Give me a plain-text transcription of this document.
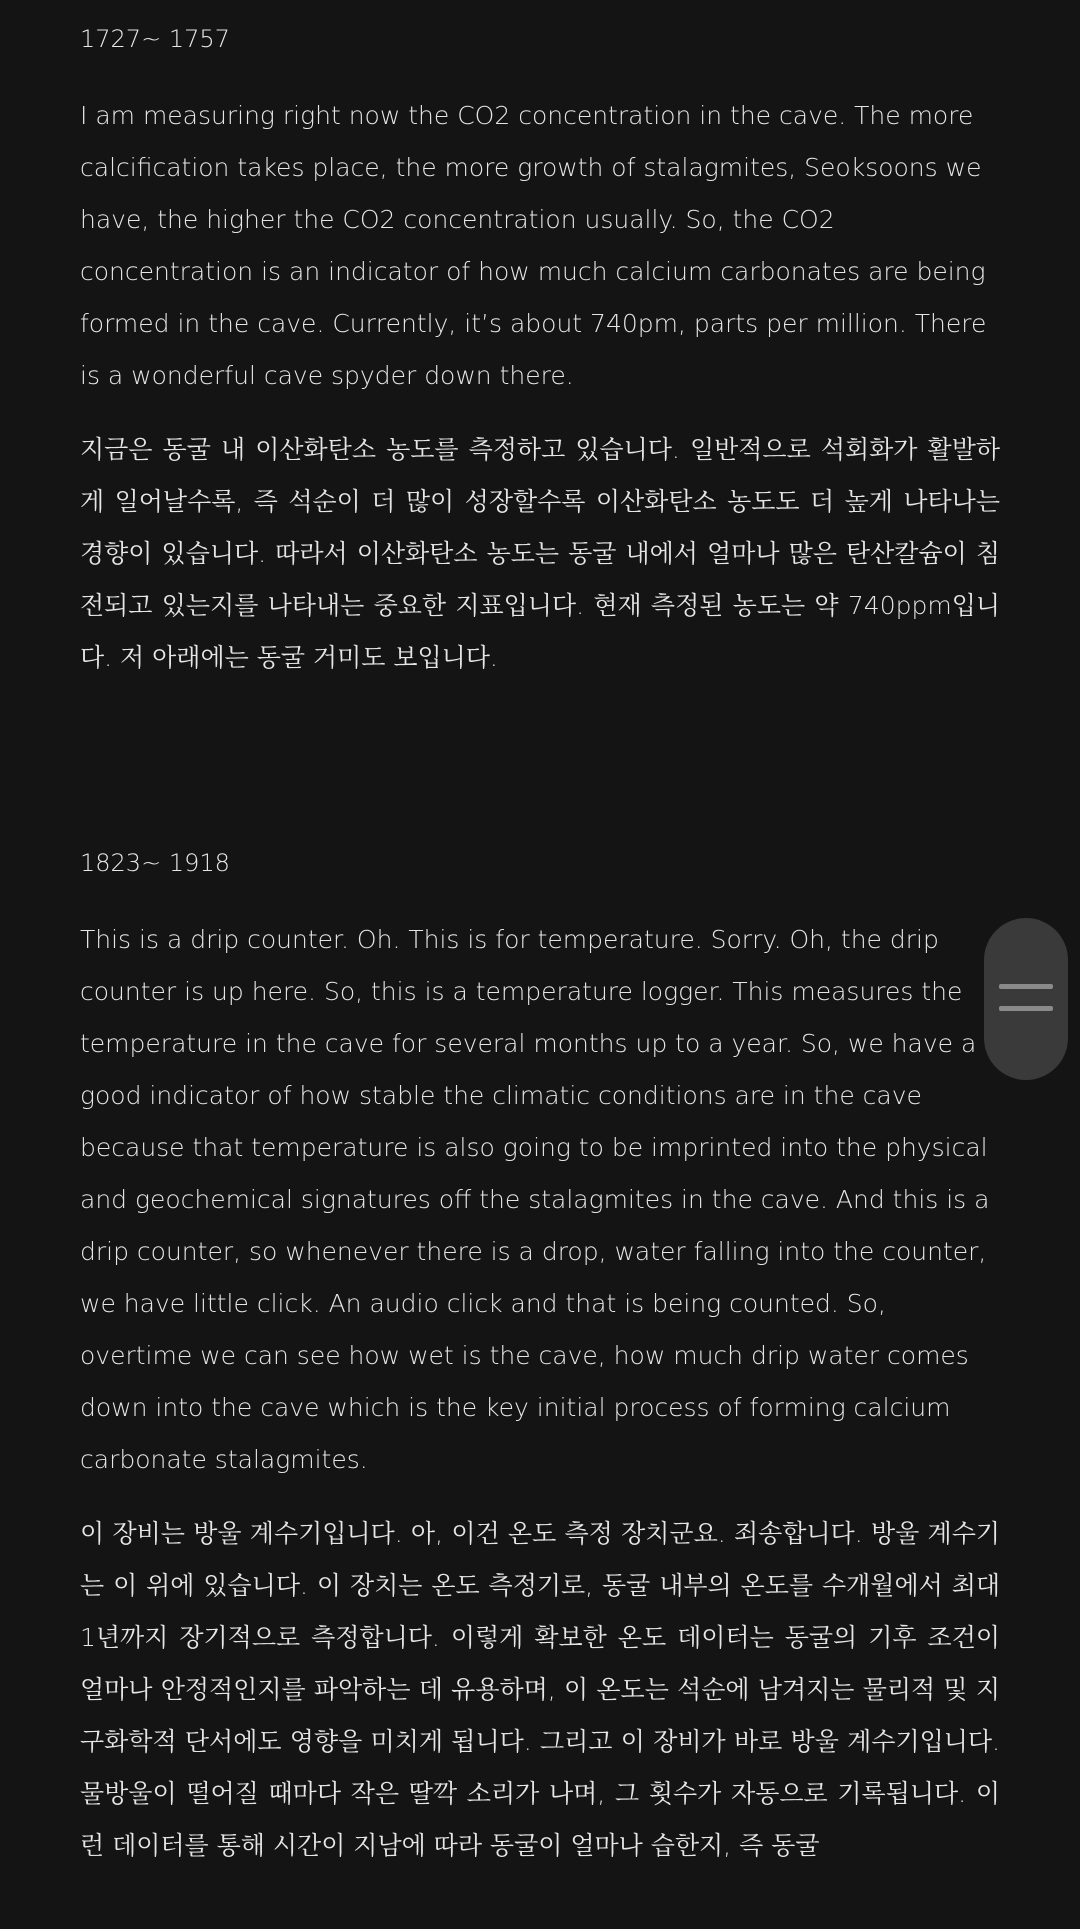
1727~ 1757

I am measuring right now the CO2 concentration in the cave. The more calcification takes place, the more growth of stalagmites, Seoksoons we have, the higher the CO2 concentration usually. So, the CO2 concentration is an indicator of how much calcium carbonates are being formed in the cave. Currently, it’s about 740pm, parts per million. There is a wonderful cave spyder down there.

지금은 동굴 내 이산화탄소 농도를 측정하고 있습니다. 일반적으로 석회화가 활발하게 일어날수록, 즉 석순이 더 많이 성장할수록 이산화탄소 농도도 더 높게 나타나는 경향이 있습니다. 따라서 이산화탄소 농도는 동굴 내에서 얼마나 많은 탄산칼슘이 침전되고 있는지를 나타내는 중요한 지표입니다. 현재 측정된 농도는 약 740ppm입니다. 저 아래에는 동굴 거미도 보입니다.

1823~ 1918

This is a drip counter. Oh. This is for temperature. Sorry. Oh, the drip counter is up here. So, this is a temperature logger. This measures the temperature in the cave for several months up to a year. So, we have a good indicator of how stable the climatic conditions are in the cave because that temperature is also going to be imprinted into the physical and geochemical signatures off the stalagmites in the cave. And this is a drip counter, so whenever there is a drop, water falling into the counter, we have little click. An audio click and that is being counted. So, overtime we can see how wet is the cave, how much drip water comes down into the cave which is the key initial process of forming calcium carbonate stalagmites.

이 장비는 방울 계수기입니다. 아, 이건 온도 측정 장치군요. 죄송합니다. 방울 계수기는 이 위에 있습니다. 이 장치는 온도 측정기로, 동굴 내부의 온도를 수개월에서 최대 1년까지 장기적으로 측정합니다. 이렇게 확보한 온도 데이터는 동굴의 기후 조건이 얼마나 안정적인지를 파악하는 데 유용하며, 이 온도는 석순에 남겨지는 물리적 및 지구화학적 단서에도 영향을 미치게 됩니다. 그리고 이 장비가 바로 방울 계수기입니다. 물방울이 떨어질 때마다 작은 딸깍 소리가 나며, 그 횟수가 자동으로 기록됩니다. 이런 데이터를 통해 시간이 지남에 따라 동굴이 얼마나 습한지, 즉 동굴
